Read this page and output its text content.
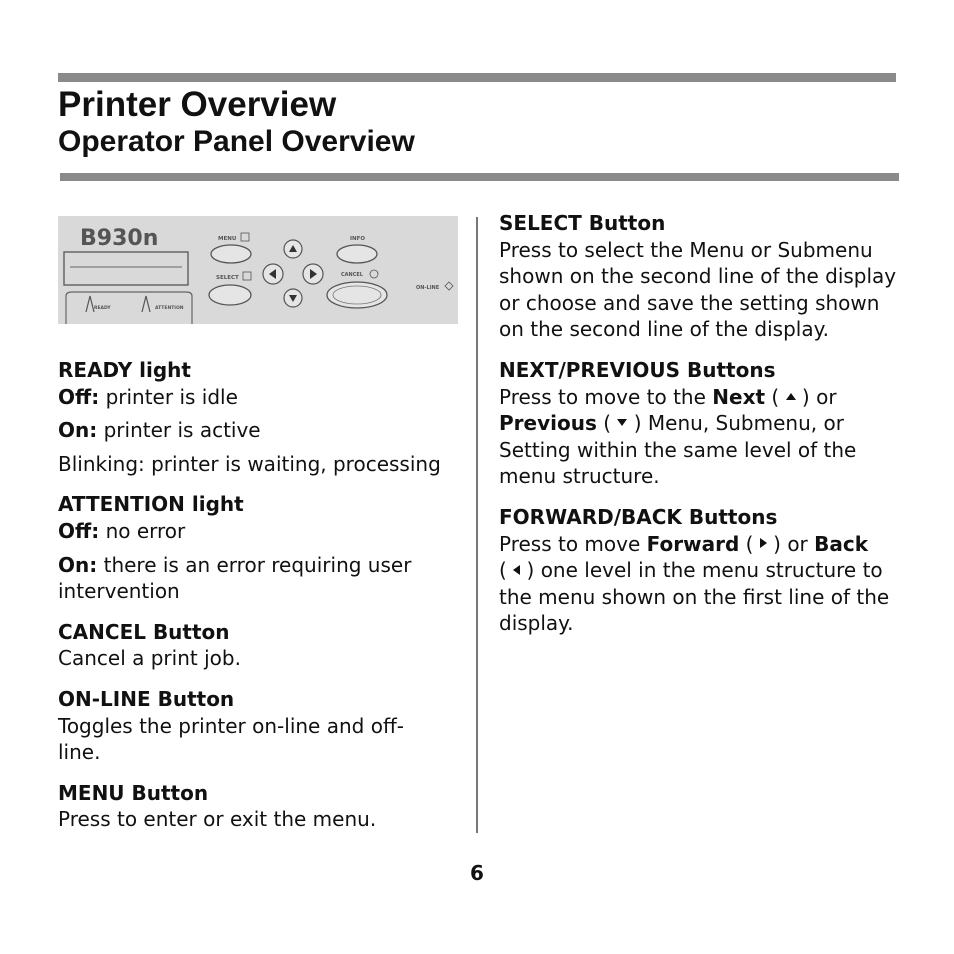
Printer Overview
Operator Panel Overview
B930n
READY	ATTENTION
MENU
SELECT
INFO
CANCEL
ON-LINE
READY light

Off: printer is idle

On: printer is active

Blinking: printer is waiting, processing

ATTENTION light

Off: no error

On: there is an error requiring user intervention

CANCEL Button

Cancel a print job.

ON-LINE Button

Toggles the printer on-line and off-line.

MENU Button

Press to enter or exit the menu.

SELECT Button

Press to select the Menu or Submenu shown on the second line of the display or choose and save the setting shown on the second line of the display.

NEXT/PREVIOUS Buttons

Press to move to the Next (  ) or
Previous (  ) Menu, Submenu, or Setting within the same level of the menu structure.

FORWARD/BACK Buttons

Press to move Forward (  ) or Back
(  ) one level in the menu structure to the menu shown on the first line of the display.

6
